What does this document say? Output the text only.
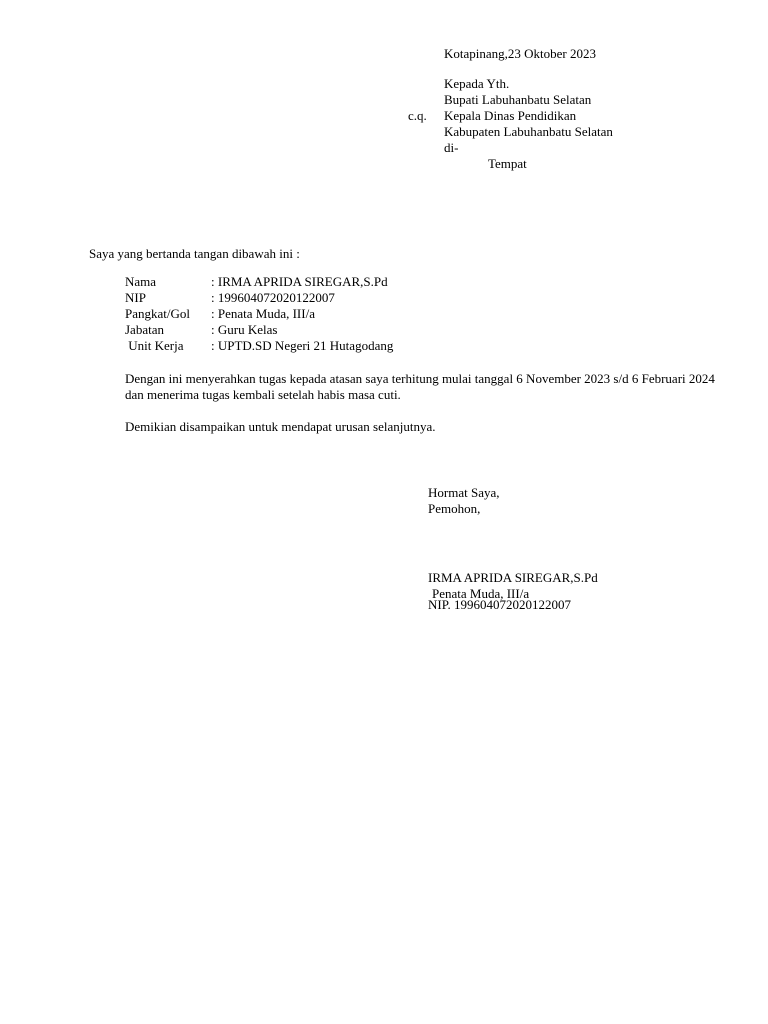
Kotapinang,23 Oktober 2023
Kepada Yth.
Bupati Labuhanbatu Selatan
Kepala Dinas Pendidikan
Kabupaten Labuhanbatu Selatan
di-
c.q.
Tempat
Saya yang bertanda tangan dibawah ini :
Nama	: IRMA APRIDA SIREGAR,S.Pd
NIP	: 199604072020122007
Pangkat/Gol : Penata Muda, III/a
Jabatan	: Guru Kelas
Unit Kerja : UPTD.SD Negeri 21 Hutagodang
Dengan ini menyerahkan tugas kepada atasan saya terhitung mulai tanggal 6 November 2023 s/d 6 Februari 2024 dan menerima tugas kembali setelah habis masa cuti.
Demikian disampaikan untuk mendapat urusan selanjutnya.
Hormat Saya,
Pemohon,
IRMA APRIDA SIREGAR,S.Pd
Penata Muda, III/a
NIP. 199604072020122007
